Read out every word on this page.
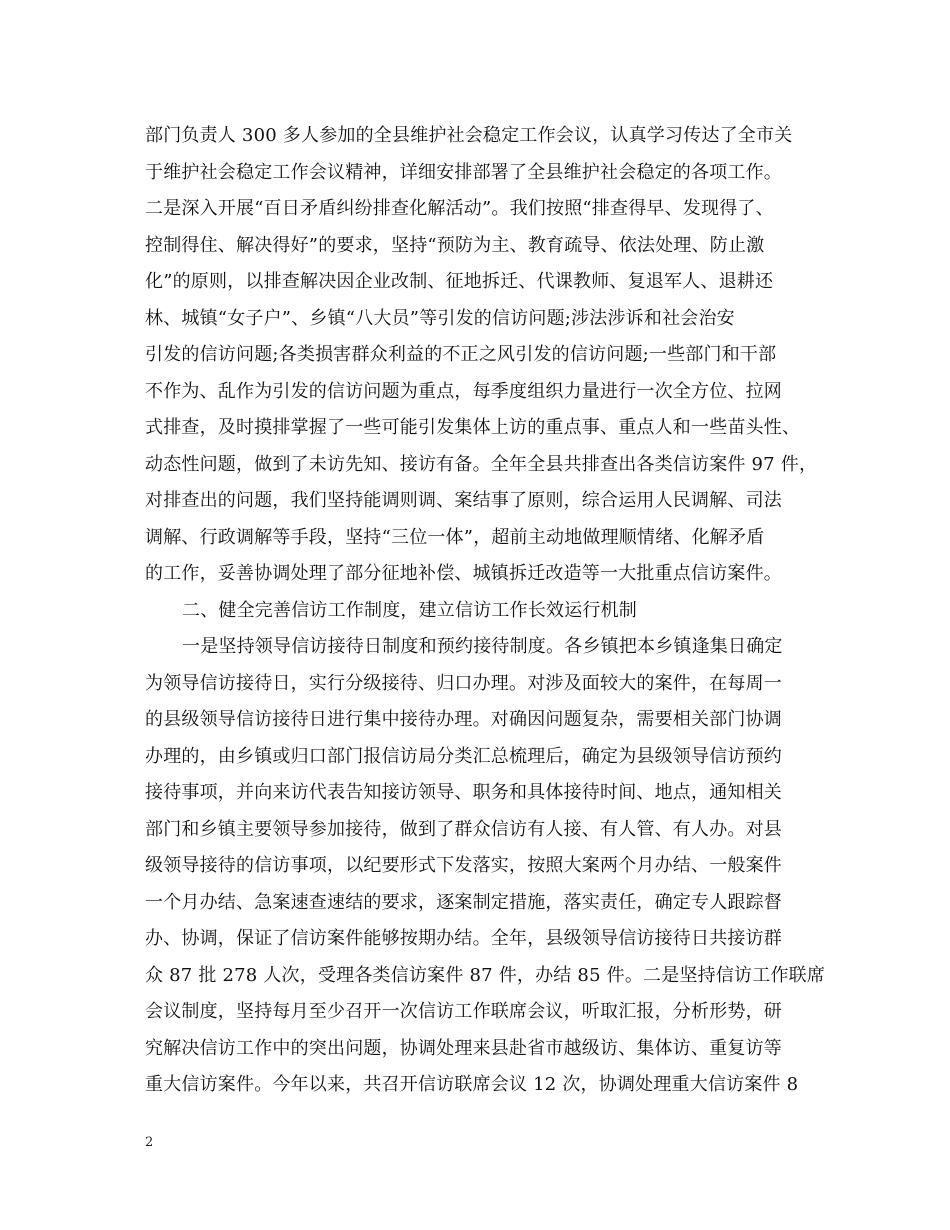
部门负责人 300 多人参加的全县维护社会稳定工作会议，认真学习传达了全市关
于维护社会稳定工作会议精神，详细安排部署了全县维护社会稳定的各项工作。
二是深入开展“百日矛盾纠纷排查化解活动”。我们按照“排查得早、发现得了、
控制得住、解决得好”的要求，坚持“预防为主、教育疏导、依法处理、防止激
化”的原则，以排查解决因企业改制、征地拆迁、代课教师、复退军人、退耕还
林、城镇“女子户”、乡镇“八大员”等引发的信访问题;涉法涉诉和社会治安
引发的信访问题;各类损害群众利益的不正之风引发的信访问题;一些部门和干部
不作为、乱作为引发的信访问题为重点，每季度组织力量进行一次全方位、拉网
式排查，及时摸排掌握了一些可能引发集体上访的重点事、重点人和一些苗头性、
动态性问题，做到了未访先知、接访有备。全年全县共排查出各类信访案件 97 件，
对排查出的问题，我们坚持能调则调、案结事了原则，综合运用人民调解、司法
调解、行政调解等手段，坚持“三位一体”，超前主动地做理顺情绪、化解矛盾
的工作，妥善协调处理了部分征地补偿、城镇拆迁改造等一大批重点信访案件。
二、健全完善信访工作制度，建立信访工作长效运行机制
一是坚持领导信访接待日制度和预约接待制度。各乡镇把本乡镇逢集日确定
为领导信访接待日，实行分级接待、归口办理。对涉及面较大的案件，在每周一
的县级领导信访接待日进行集中接待办理。对确因问题复杂，需要相关部门协调
办理的，由乡镇或归口部门报信访局分类汇总梳理后，确定为县级领导信访预约
接待事项，并向来访代表告知接访领导、职务和具体接待时间、地点，通知相关
部门和乡镇主要领导参加接待，做到了群众信访有人接、有人管、有人办。对县
级领导接待的信访事项，以纪要形式下发落实，按照大案两个月办结、一般案件
一个月办结、急案速查速结的要求，逐案制定措施，落实责任，确定专人跟踪督
办、协调，保证了信访案件能够按期办结。全年，县级领导信访接待日共接访群
众 87 批 278 人次，受理各类信访案件 87 件，办结 85 件。二是坚持信访工作联席
会议制度，坚持每月至少召开一次信访工作联席会议，听取汇报，分析形势，研
究解决信访工作中的突出问题，协调处理来县赴省市越级访、集体访、重复访等
重大信访案件。今年以来，共召开信访联席会议 12 次，协调处理重大信访案件 8
2
